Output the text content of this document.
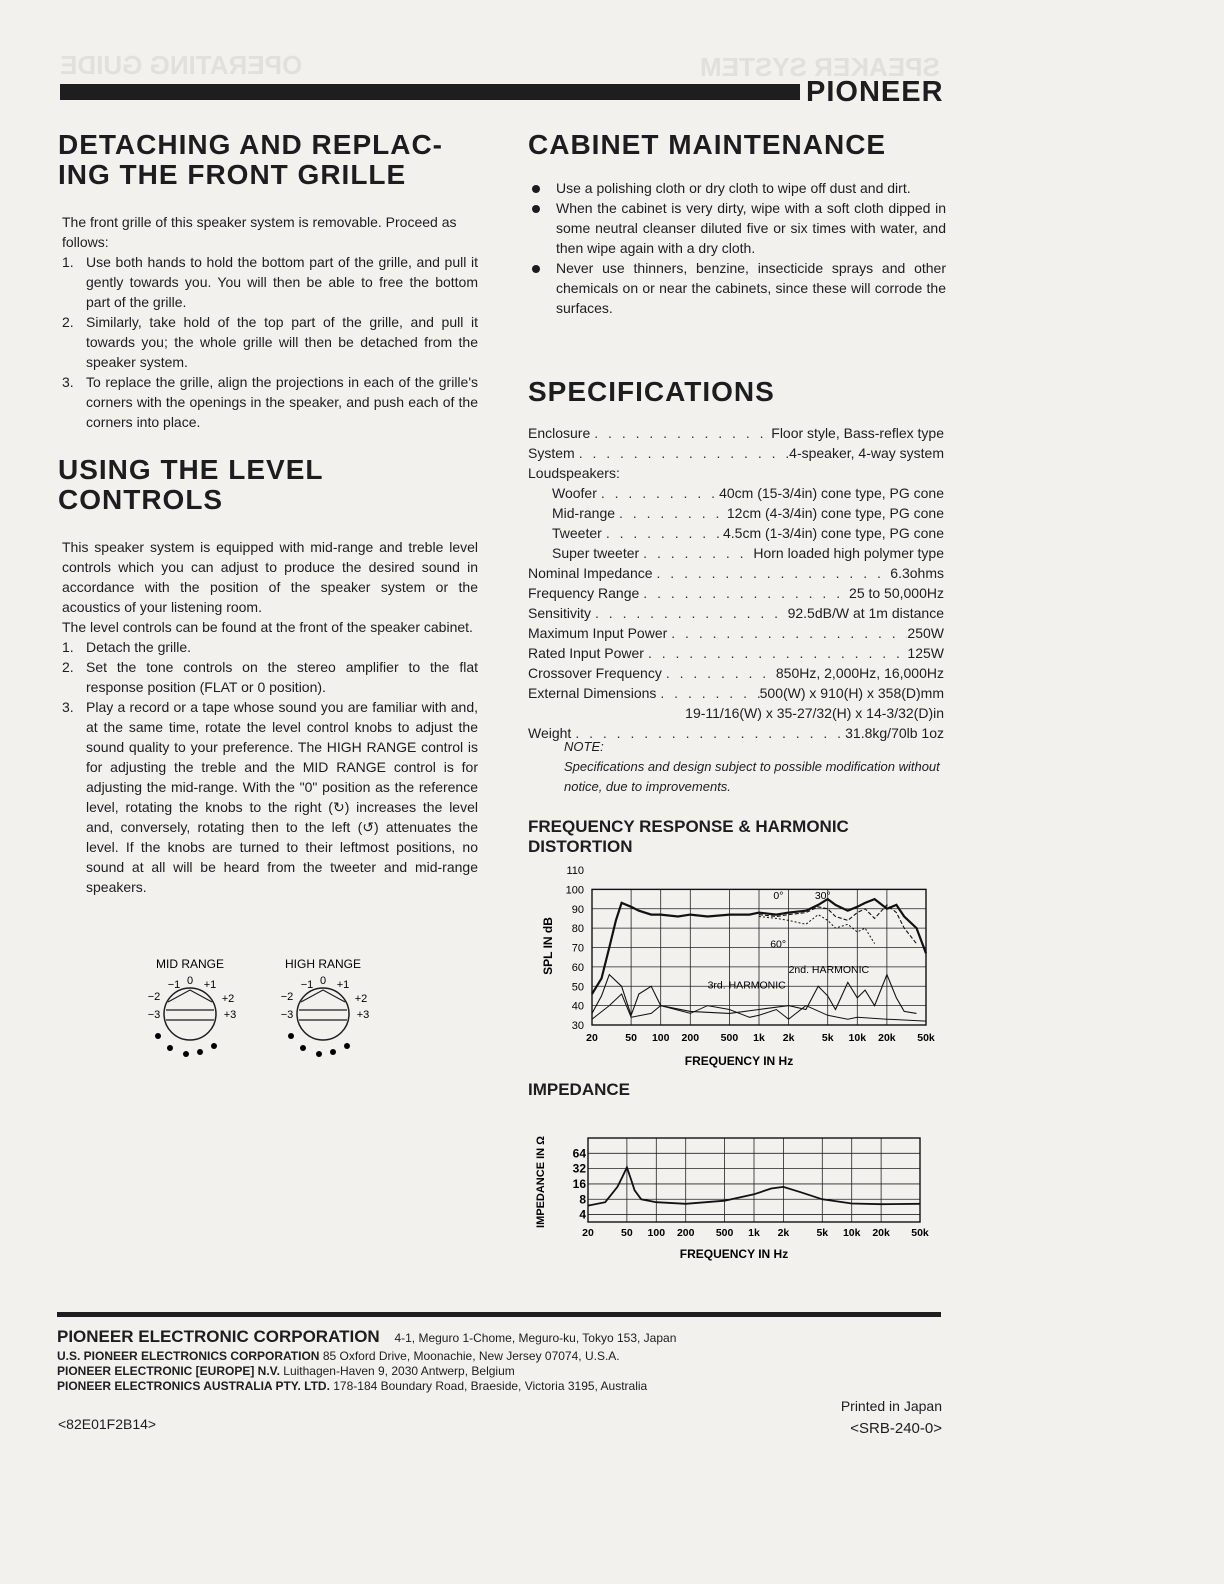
OPERATING GUIDE	SPEAKER SYSTEM
PIONEER
DETACHING AND REPLAC-
ING THE FRONT GRILLE

The front grille of this speaker system is removable. Proceed as follows:

1. Use both hands to hold the bottom part of the grille, and pull it gently towards you. You will then be able to free the bottom part of the grille.
2. Similarly, take hold of the top part of the grille, and pull it towards you; the whole grille will then be detached from the speaker system.
3. To replace the grille, align the projections in each of the grille's corners with the openings in the speaker, and push each of the corners into place.
USING THE LEVEL
CONTROLS

This speaker system is equipped with mid-range and treble level controls which you can adjust to produce the desired sound in accordance with the position of the speaker system or the acoustics of your listening room.

The level controls can be found at the front of the speaker cabinet.

1. Detach the grille.
2. Set the tone controls on the stereo amplifier to the flat response position (FLAT or 0 position).
3. Play a record or a tape whose sound you are familiar with and, at the same time, rotate the level control knobs to adjust the sound quality to your preference. The HIGH RANGE control is for adjusting the treble and the MID RANGE control is for adjusting the mid-range. With the "0" position as the reference level, rotating the knobs to the right (↻) increases the level and, conversely, rotating then to the left (↺) attenuates the level. If the knobs are turned to their leftmost positions, no sound at all will be heard from the tweeter and mid-range speakers.
MID RANGE
−1 0 +1
−2	+2
−3	+3
HIGH RANGE
−1 0 +1
−2	+2
−3	+3
CABINET MAINTENANCE
Use a polishing cloth or dry cloth to wipe off dust and dirt.
When the cabinet is very dirty, wipe with a soft cloth dipped in some neutral cleanser diluted five or six times with water, and then wipe again with a dry cloth.
Never use thinners, benzine, insecticide sprays and other chemicals on or near the cabinets, since these will corrode the surfaces.
SPECIFICATIONS
Enclosure . . .	Floor style, Bass-reflex type
System . . .	4-speaker, 4-way system
Loudspeakers:
Woofer . . .	40cm (15-3/4in) cone type, PG cone
Mid-range . . .	12cm (4-3/4in) cone type, PG cone
Tweeter . . .	4.5cm (1-3/4in) cone type, PG cone
Super tweeter . . .	Horn loaded high polymer type
Nominal Impedance . . .	6.3ohms
Frequency Range . . .	25 to 50,000Hz
Sensitivity . . .	92.5dB/W at 1m distance
Maximum Input Power . . .	250W
Rated Input Power . . .	125W
Crossover Frequency . . .	850Hz, 2,000Hz, 16,000Hz
External Dimensions . . .	500(W) x 910(H) x 358(D)mm
19-11/16(W) x 35-27/32(H) x 14-3/32(D)in
Weight . . .	31.8kg/70lb 1oz
NOTE:
Specifications and design subject to possible modification without notice, due to improvements.
FREQUENCY RESPONSE & HARMONIC
DISTORTION
110
100
90
80
70
60
50
40
30
20	50 100 200 500 1k 2k	5k 10k 20k 50k
SPL IN dB
FREQUENCY IN Hz
0°	30°
60°
2nd. HARMONIC
3rd. HARMONIC
IMPEDANCE
64
32
16
8
4
20	50 100 200 500 1k 2k	5k 10k 20k 50k
IMPEDANCE IN Ω
FREQUENCY IN Hz
PIONEER ELECTRONIC CORPORATION 4-1, Meguro 1-Chome, Meguro-ku, Tokyo 153, Japan
U.S. PIONEER ELECTRONICS CORPORATION 85 Oxford Drive, Moonachie, New Jersey 07074, U.S.A.
PIONEER ELECTRONIC [EUROPE] N.V. Luithagen-Haven 9, 2030 Antwerp, Belgium
PIONEER ELECTRONICS AUSTRALIA PTY. LTD. 178-184 Boundary Road, Braeside, Victoria 3195, Australia
Printed in Japan
<82E01F2B14>	<SRB-240-0>
